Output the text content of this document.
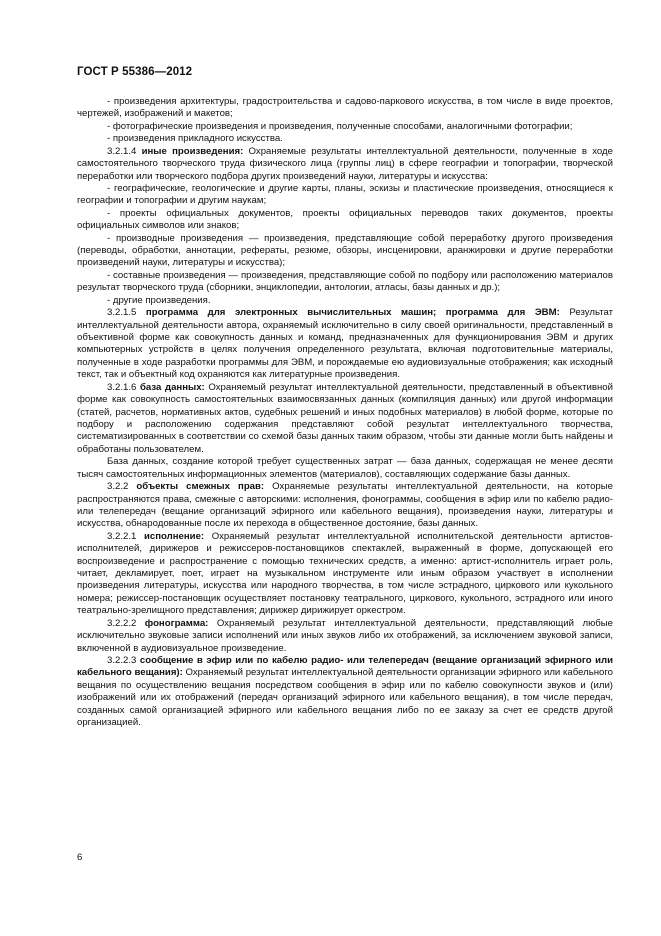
ГОСТ Р 55386—2012

- произведения архитектуры, градостроительства и садово-паркового искусства, в том числе в виде проектов, чертежей, изображений и макетов;

- фотографические произведения и произведения, полученные способами, аналогичными фотографии;

- произведения прикладного искусства.

3.2.1.4 иные произведения: Охраняемые результаты интеллектуальной деятельности, полученные в ходе самостоятельного творческого труда физического лица (группы лиц) в сфере географии и топографии, творческой переработки или творческого подбора других произведений науки, литературы и искусства:

- географические, геологические и другие карты, планы, эскизы и пластические произведения, относящиеся к географии и топографии и другим наукам;

- проекты официальных документов, проекты официальных переводов таких документов, проекты официальных символов или знаков;

- производные произведения — произведения, представляющие собой переработку другого произведения (переводы, обработки, аннотации, рефераты, резюме, обзоры, инсценировки, аранжировки и другие переработки произведений науки, литературы и искусства);

- составные произведения — произведения, представляющие собой по подбору или расположению материалов результат творческого труда (сборники, энциклопедии, антологии, атласы, базы данных и др.);

- другие произведения.

3.2.1.5 программа для электронных вычислительных машин; программа для ЭВМ: Результат интеллектуальной деятельности автора, охраняемый исключительно в силу своей оригинальности, представленный в объективной форме как совокупность данных и команд, предназначенных для функционирования ЭВМ и других компьютерных устройств в целях получения определенного результата, включая подготовительные материалы, полученные в ходе разработки программы для ЭВМ, и порождаемые ею аудиовизуальные отображения; как исходный текст, так и объектный код охраняются как литературные произведения.

3.2.1.6 база данных: Охраняемый результат интеллектуальной деятельности, представленный в объективной форме как совокупность самостоятельных взаимосвязанных данных (компиляция данных) или другой информации (статей, расчетов, нормативных актов, судебных решений и иных подобных материалов) в любой форме, которые по подбору и расположению содержания представляют собой результат интеллектуального творчества, систематизированных в соответствии со схемой базы данных таким образом, чтобы эти данные могли быть найдены и обработаны пользователем.

База данных, создание которой требует существенных затрат — база данных, содержащая не менее десяти тысяч самостоятельных информационных элементов (материалов), составляющих содержание базы данных.

3.2.2 объекты смежных прав: Охраняемые результаты интеллектуальной деятельности, на которые распространяются права, смежные с авторскими: исполнения, фонограммы, сообщения в эфир или по кабелю радио- или телепередач (вещание организаций эфирного или кабельного вещания), произведения науки, литературы и искусства, обнародованные после их перехода в общественное достояние, базы данных.

3.2.2.1 исполнение: Охраняемый результат интеллектуальной исполнительской деятельности артистов-исполнителей, дирижеров и режиссеров-постановщиков спектаклей, выраженный в форме, допускающей его воспроизведение и распространение с помощью технических средств, а именно: артист-исполнитель играет роль, читает, декламирует, поет, играет на музыкальном инструменте или иным образом участвует в исполнении произведения литературы, искусства или народного творчества, в том числе эстрадного, циркового или кукольного номера; режиссер-постановщик осуществляет постановку театрального, циркового, кукольного, эстрадного или иного театрально-зрелищного представления; дирижер дирижирует оркестром.

3.2.2.2 фонограмма: Охраняемый результат интеллектуальной деятельности, представляющий любые исключительно звуковые записи исполнений или иных звуков либо их отображений, за исключением звуковой записи, включенной в аудиовизуальное произведение.

3.2.2.3 сообщение в эфир или по кабелю радио- или телепередач (вещание организаций эфирного или кабельного вещания): Охраняемый результат интеллектуальной деятельности организации эфирного или кабельного вещания по осуществлению вещания посредством сообщения в эфир или по кабелю совокупности звуков и (или) изображений или их отображений (передач организаций эфирного или кабельного вещания), в том числе передач, созданных самой организацией эфирного или кабельного вещания либо по ее заказу за счет ее средств другой организацией.

6
